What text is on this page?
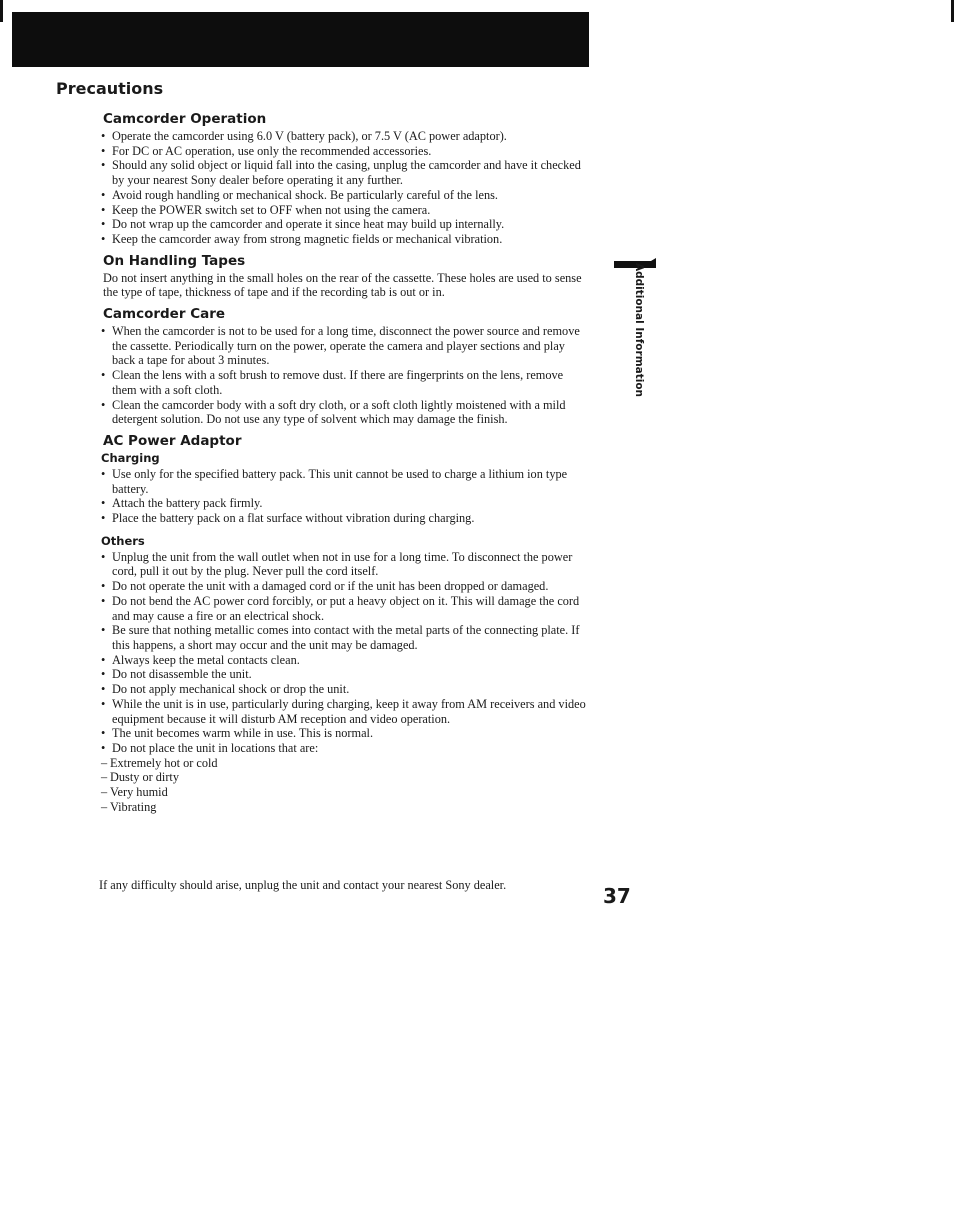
Precautions
Camcorder Operation
• Operate the camcorder using 6.0 V (battery pack), or 7.5 V (AC power adaptor).
• For DC or AC operation, use only the recommended accessories.
• Should any solid object or liquid fall into the casing, unplug the camcorder and have it checked by your nearest Sony dealer before operating it any further.
• Avoid rough handling or mechanical shock. Be particularly careful of the lens.
• Keep the POWER switch set to OFF when not using the camera.
• Do not wrap up the camcorder and operate it since heat may build up internally.
• Keep the camcorder away from strong magnetic fields or mechanical vibration.
On Handling Tapes

Do not insert anything in the small holes on the rear of the cassette. These holes are used to sense the type of tape, thickness of tape and if the recording tab is out or in.

Camcorder Care
• When the camcorder is not to be used for a long time, disconnect the power source and remove the cassette. Periodically turn on the power, operate the camera and player sections and play back a tape for about 3 minutes.
• Clean the lens with a soft brush to remove dust. If there are fingerprints on the lens, remove them with a soft cloth.
• Clean the camcorder body with a soft dry cloth, or a soft cloth lightly moistened with a mild detergent solution. Do not use any type of solvent which may damage the finish.
AC Power Adaptor
Charging
• Use only for the specified battery pack. This unit cannot be used to charge a lithium ion type battery.
• Attach the battery pack firmly.
• Place the battery pack on a flat surface without vibration during charging.
Others
• Unplug the unit from the wall outlet when not in use for a long time. To disconnect the power cord, pull it out by the plug. Never pull the cord itself.
• Do not operate the unit with a damaged cord or if the unit has been dropped or damaged.
• Do not bend the AC power cord forcibly, or put a heavy object on it. This will damage the cord and may cause a fire or an electrical shock.
• Be sure that nothing metallic comes into contact with the metal parts of the connecting plate. If this happens, a short may occur and the unit may be damaged.
• Always keep the metal contacts clean.
• Do not disassemble the unit.
• Do not apply mechanical shock or drop the unit.
• While the unit is in use, particularly during charging, keep it away from AM receivers and video equipment because it will disturb AM reception and video operation.
• The unit becomes warm while in use. This is normal.
• Do not place the unit in locations that are:
– Extremely hot or cold
– Dusty or dirty
– Very humid
– Vibrating

If any difficulty should arise, unplug the unit and contact your nearest Sony dealer.	37
Additional Information
